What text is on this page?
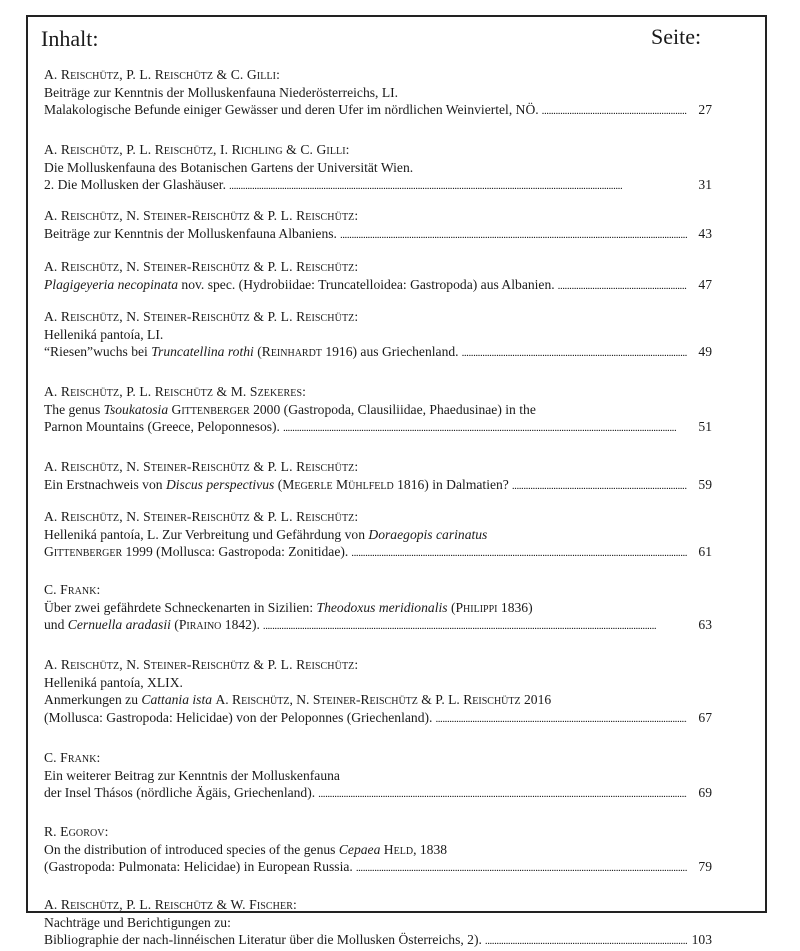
Inhalt:	Seite:
A. Reischütz, P. L. Reischütz & C. Gilli:
Beiträge zur Kenntnis der Molluskenfauna Niederösterreichs, LI.
Malakologische Befunde einiger Gewässer und deren Ufer im nördlichen Weinviertel, NÖ. . . .	27
A. Reischütz, P. L. Reischütz, I. Richling & C. Gilli:
Die Molluskenfauna des Botanischen Gartens der Universität Wien.
2. Die Mollusken der Glashäuser. . . .	31
A. Reischütz, N. Steiner-Reischütz & P. L. Reischütz:
Beiträge zur Kenntnis der Molluskenfauna Albaniens. . . .	43
A. Reischütz, N. Steiner-Reischütz & P. L. Reischütz:
Plagigeyeria necopinata nov. spec. (Hydrobiidae: Truncatelloidea: Gastropoda) aus Albanien. . . .	47
A. Reischütz, N. Steiner-Reischütz & P. L. Reischütz:
Helleniká pantoía, LI.
“Riesen”wuchs bei Truncatellina rothi (Reinhardt 1916) aus Griechenland. . . .	49
A. Reischütz, P. L. Reischütz & M. Szekeres:
The genus Tsoukatosia Gittenberger 2000 (Gastropoda, Clausiliidae, Phaedusinae) in the
Parnon Mountains (Greece, Peloponnesos). . . .	51
A. Reischütz, N. Steiner-Reischütz & P. L. Reischütz:
Ein Erstnachweis von Discus perspectivus (Megerle Mühlfeld 1816) in Dalmatien? . . .	59
A. Reischütz, N. Steiner-Reischütz & P. L. Reischütz:
Helleniká pantoía, L. Zur Verbreitung und Gefährdung von Doraegopis carinatus
Gittenberger 1999 (Mollusca: Gastropoda: Zonitidae). . . .	61
C. Frank:
Über zwei gefährdete Schneckenarten in Sizilien: Theodoxus meridionalis (Philippi 1836)
und Cernuella aradasii (Piraino 1842). . . .	63
A. Reischütz, N. Steiner-Reischütz & P. L. Reischütz:
Helleniká pantoía, XLIX.
Anmerkungen zu Cattania ista A. Reischütz, N. Steiner-Reischütz & P. L. Reischütz 2016
(Mollusca: Gastropoda: Helicidae) von der Peloponnes (Griechenland). . . .	67
C. Frank:
Ein weiterer Beitrag zur Kenntnis der Molluskenfauna
der Insel Thásos (nördliche Ägäis, Griechenland). . . .	69
R. Egorov:
On the distribution of introduced species of the genus Cepaea Held, 1838
(Gastropoda: Pulmonata: Helicidae) in European Russia. . . .	79
A. Reischütz, P. L. Reischütz & W. Fischer:
Nachträge und Berichtigungen zu:
Bibliographie der nach-linnéischen Literatur über die Mollusken Österreichs, 2). . . .	103
